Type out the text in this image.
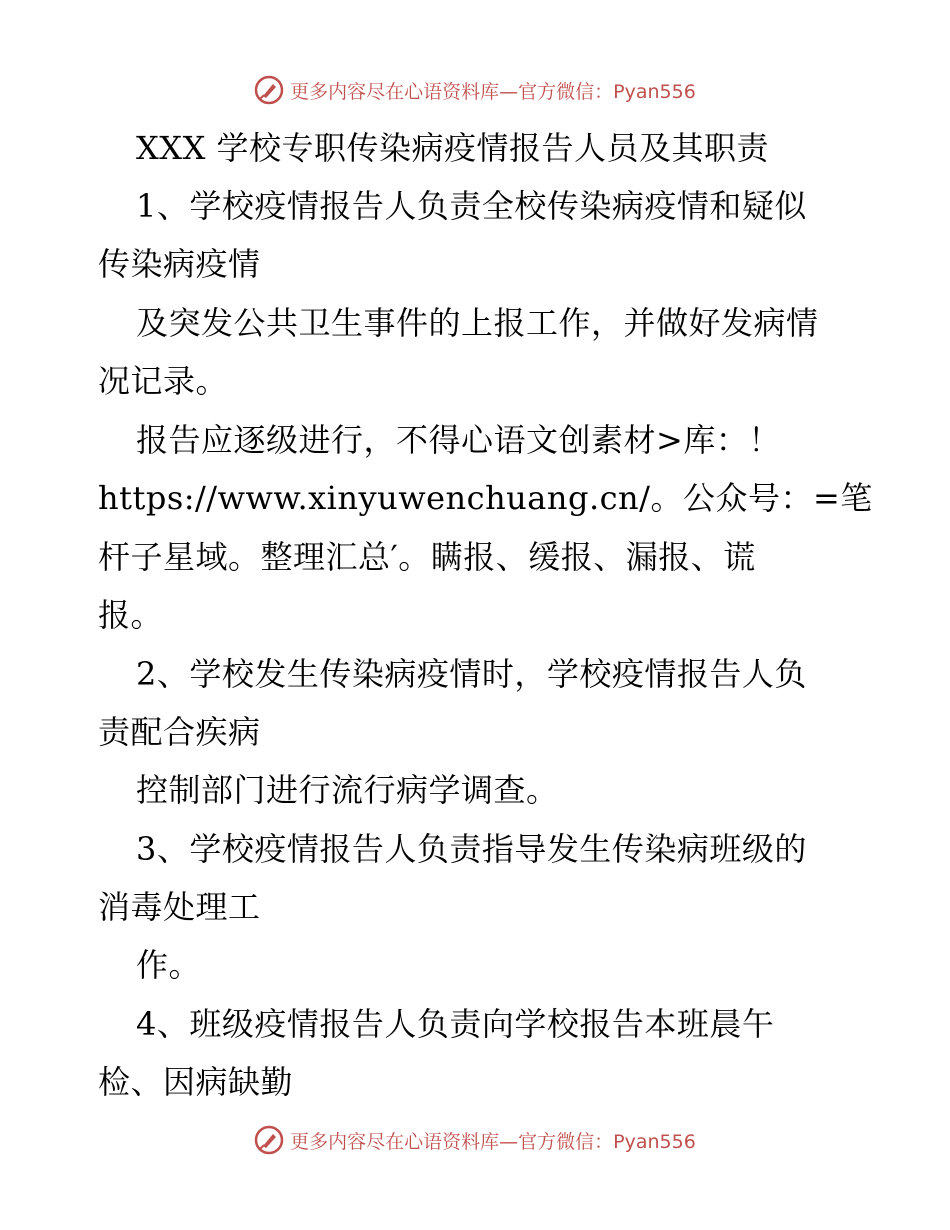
更多内容尽在心语资料库—官方微信：Pyan556
XXX 学校专职传染病疫情报告人员及其职责
1、学校疫情报告人负责全校传染病疫情和疑似
传染病疫情
及突发公共卫生事件的上报工作，并做好发病情
况记录。
报告应逐级进行，不得心语文创素材>库：！
https://www.xinyuwenchuang.cn/。公众号：=笔
杆子星域。整理汇总′。瞒报、缓报、漏报、谎
报。
2、学校发生传染病疫情时，学校疫情报告人负
责配合疾病
控制部门进行流行病学调查。
3、学校疫情报告人负责指导发生传染病班级的
消毒处理工
作。
4、班级疫情报告人负责向学校报告本班晨午
检、因病缺勤
更多内容尽在心语资料库—官方微信：Pyan556
